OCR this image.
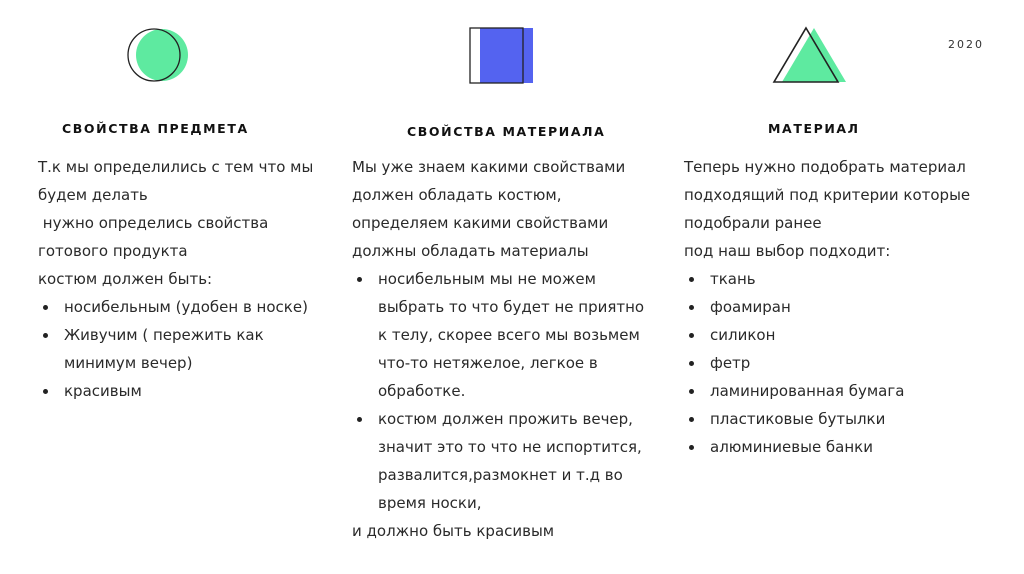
2020
СВОЙСТВА ПРЕДМЕТА
Т.к мы определились с тем что мы
будем делать
нужно определись свойства
готового продукта
костюм должен быть:
носибельным (удобен в носке)
Живучим ( пережить как
минимум вечер)
красивым
СВОЙСТВА МАТЕРИАЛА
Мы уже знаем какими свойствами
должен обладать костюм,
определяем какими свойствами
должны обладать материалы
носибельным мы не можем
выбрать то что будет не приятно
к телу, скорее всего мы возьмем
что-то нетяжелое, легкое в
обработке.
костюм должен прожить вечер,
значит это то что не испортится,
развалится,размокнет и т.д во
время носки,
и должно быть красивым
МАТЕРИАЛ
Теперь нужно подобрать материал
подходящий под критерии которые
подобрали ранее
под наш выбор подходит:
ткань
фоамиран
силикон
фетр
ламинированная бумага
пластиковые бутылки
алюминиевые банки
